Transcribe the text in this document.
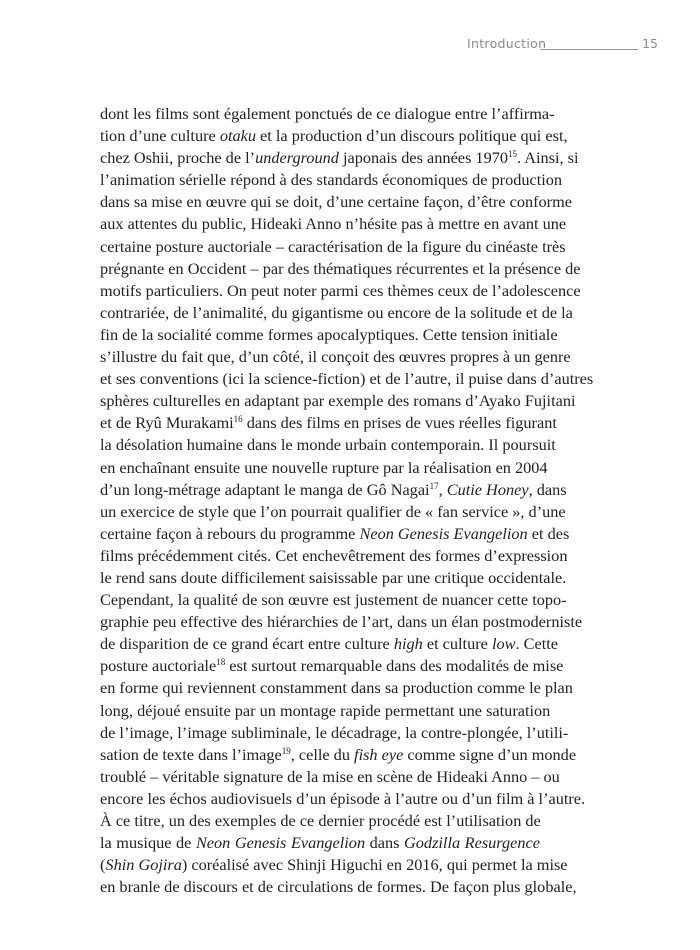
Introduction	15
dont les films sont également ponctués de ce dialogue entre l’affirma-
tion d’une culture otaku et la production d’un discours politique qui est,
chez Oshii, proche de l’underground japonais des années 1970$^{15}$. Ainsi, si
l’animation sérielle répond à des standards économiques de production
dans sa mise en œuvre qui se doit, d’une certaine façon, d’être conforme
aux attentes du public, Hideaki Anno n’hésite pas à mettre en avant une
certaine posture auctoriale – caractérisation de la figure du cinéaste très
prégnante en Occident – par des thématiques récurrentes et la présence de
motifs particuliers. On peut noter parmi ces thèmes ceux de l’adolescence
contrariée, de l’animalité, du gigantisme ou encore de la solitude et de la
fin de la socialité comme formes apocalyptiques. Cette tension initiale
s’illustre du fait que, d’un côté, il conçoit des œuvres propres à un genre
et ses conventions (ici la science-fiction) et de l’autre, il puise dans d’autres
sphères culturelles en adaptant par exemple des romans d’Ayako Fujitani
et de Ryû Murakami$^{16}$ dans des films en prises de vues réelles figurant
la désolation humaine dans le monde urbain contemporain. Il poursuit
en enchaînant ensuite une nouvelle rupture par la réalisation en 2004
d’un long-métrage adaptant le manga de Gô Nagai$^{17}$, Cutie Honey, dans
un exercice de style que l’on pourrait qualifier de « fan service », d’une
certaine façon à rebours du programme Neon Genesis Evangelion et des
films précédemment cités. Cet enchevêtrement des formes d’expression
le rend sans doute difficilement saisissable par une critique occidentale.
Cependant, la qualité de son œuvre est justement de nuancer cette topo-
graphie peu effective des hiérarchies de l’art, dans un élan postmoderniste
de disparition de ce grand écart entre culture high et culture low. Cette
posture auctoriale$^{18}$ est surtout remarquable dans des modalités de mise
en forme qui reviennent constamment dans sa production comme le plan
long, déjoué ensuite par un montage rapide permettant une saturation
de l’image, l’image subliminale, le décadrage, la contre-plongée, l’utili-
sation de texte dans l’image$^{19}$, celle du fish eye comme signe d’un monde
troublé – véritable signature de la mise en scène de Hideaki Anno – ou
encore les échos audiovisuels d’un épisode à l’autre ou d’un film à l’autre.
À ce titre, un des exemples de ce dernier procédé est l’utilisation de
la musique de Neon Genesis Evangelion dans Godzilla Resurgence
(Shin Gojira) coréalisé avec Shinji Higuchi en 2016, qui permet la mise
en branle de discours et de circulations de formes. De façon plus globale,
